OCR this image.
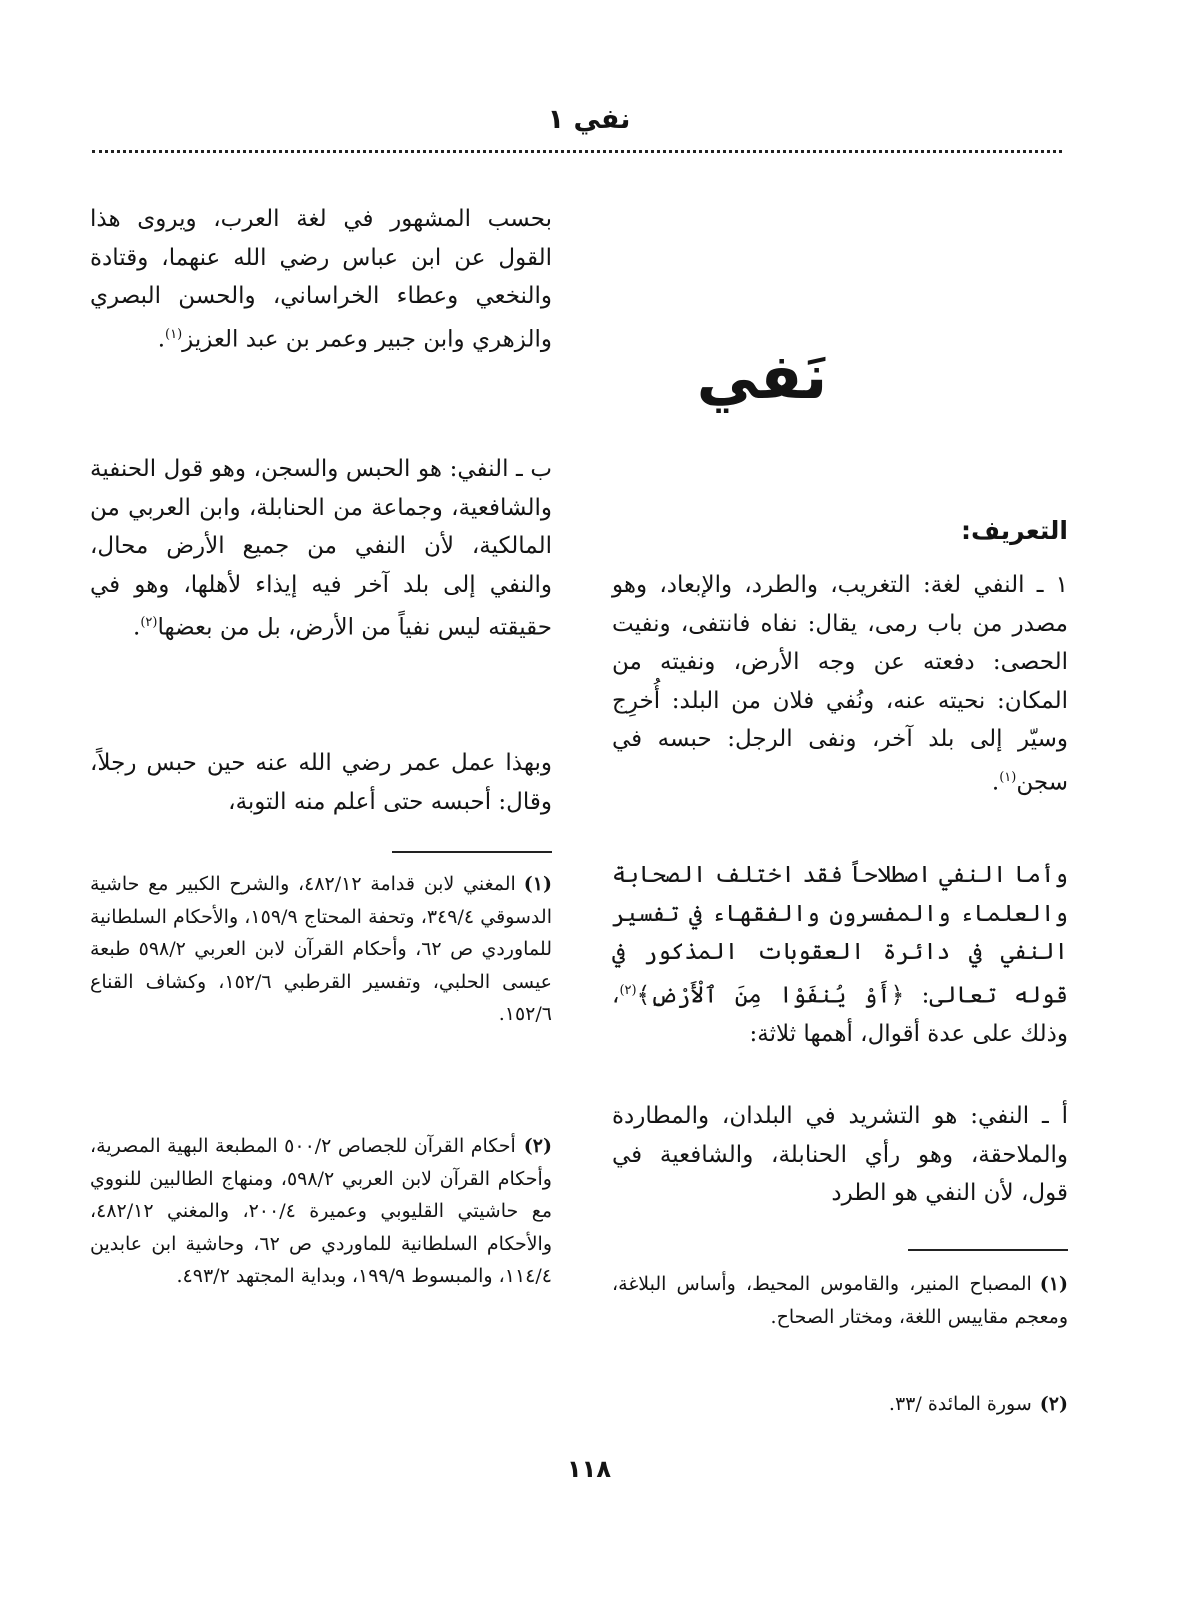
نفي ١
نَفي
التعريف:
١ ـ النفي لغة: التغريب، والطرد، والإبعاد، وهو مصدر من باب رمى، يقال: نفاه فانتفى، ونفيت الحصى: دفعته عن وجه الأرض، ونفيته من المكان: نحيته عنه، ونُفي فلان من البلد: أُخرِج وسيّر إلى بلد آخر، ونفى الرجل: حبسه في سجن$^{(١)}$.
وأما النفي اصطلاحاً فقد اختلف الصحابة والعلماء والمفسرون والفقهاء في تفسير النفي في دائرة العقوبات المذكور في قوله تعالى: ﴿أَوْ يُنفَوْا مِنَ ٱلْأَرْضِ﴾$^{(٢)}$، وذلك على عدة أقوال، أهمها ثلاثة:
أ ـ النفي: هو التشريد في البلدان، والمطاردة والملاحقة، وهو رأي الحنابلة، والشافعية في قول، لأن النفي هو الطرد
(١)المصباح المنير، والقاموس المحيط، وأساس البلاغة، ومعجم مقاييس اللغة، ومختار الصحاح.
(٢)سورة المائدة /٣٣.
بحسب المشهور في لغة العرب، ويروى هذا القول عن ابن عباس رضي الله عنهما، وقتادة والنخعي وعطاء الخراساني، والحسن البصري والزهري وابن جبير وعمر بن عبد العزيز$^{(١)}$.
ب ـ النفي: هو الحبس والسجن، وهو قول الحنفية والشافعية، وجماعة من الحنابلة، وابن العربي من المالكية، لأن النفي من جميع الأرض محال، والنفي إلى بلد آخر فيه إيذاء لأهلها، وهو في حقيقته ليس نفياً من الأرض، بل من بعضها$^{(٢)}$.
وبهذا عمل عمر رضي الله عنه حين حبس رجلاً، وقال: أحبسه حتى أعلم منه التوبة،
(١)المغني لابن قدامة ٤٨٢/١٢، والشرح الكبير مع حاشية الدسوقي ٣٤٩/٤، وتحفة المحتاج ١٥٩/٩، والأحكام السلطانية للماوردي ص ٦٢، وأحكام القرآن لابن العربي ٥٩٨/٢ طبعة عيسى الحلبي، وتفسير القرطبي ١٥٢/٦، وكشاف القناع ١٥٢/٦.
(٢)أحكام القرآن للجصاص ٥٠٠/٢ المطبعة البهية المصرية، وأحكام القرآن لابن العربي ٥٩٨/٢، ومنهاج الطالبين للنووي مع حاشيتي القليوبي وعميرة ٢٠٠/٤، والمغني ٤٨٢/١٢، والأحكام السلطانية للماوردي ص ٦٢، وحاشية ابن عابدين ١١٤/٤، والمبسوط ١٩٩/٩، وبداية المجتهد ٤٩٣/٢.
١١٨
